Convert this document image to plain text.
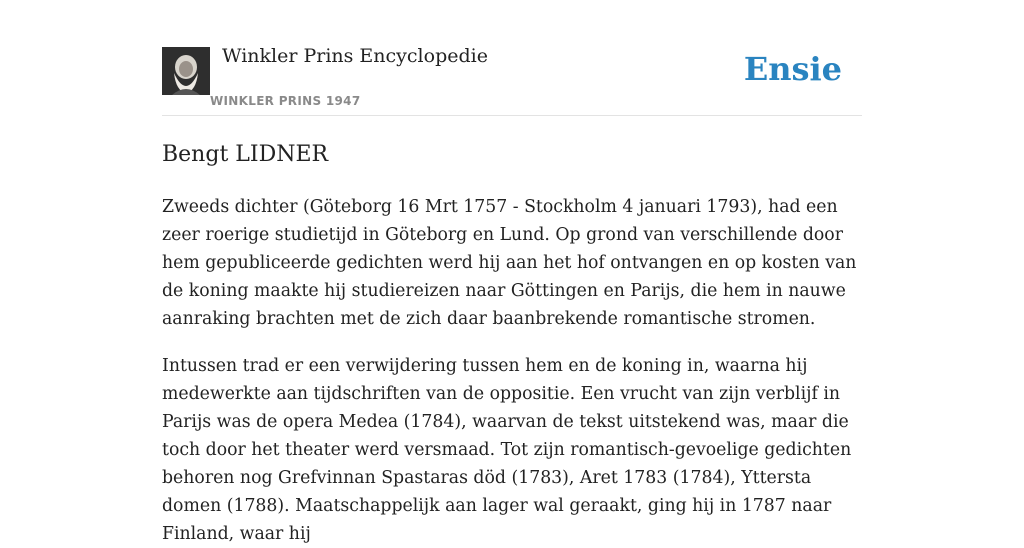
Winkler Prins Encyclopedie
WINKLER PRINS 1947
Ensie
Bengt LIDNER

Zweeds dichter (Göteborg 16 Mrt 1757 - Stockholm 4 januari 1793), had een zeer roerige studietijd in Göteborg en Lund. Op grond van verschillende door hem gepubliceerde gedichten werd hij aan het hof ontvangen en op kosten van de koning maakte hij studiereizen naar Göttingen en Parijs, die hem in nauwe aanraking brachten met de zich daar baanbrekende romantische stromen.

Intussen trad er een verwijdering tussen hem en de koning in, waarna hij medewerkte aan tijdschriften van de oppositie. Een vrucht van zijn verblijf in Parijs was de opera Medea (1784), waarvan de tekst uitstekend was, maar die toch door het theater werd versmaad. Tot zijn romantisch-gevoelige gedichten behoren nog Grefvinnan Spastaras död (1783), Aret 1783 (1784), Yttersta domen (1788). Maatschappelijk aan lager wal geraakt, ging hij in 1787 naar Finland, waar hij
